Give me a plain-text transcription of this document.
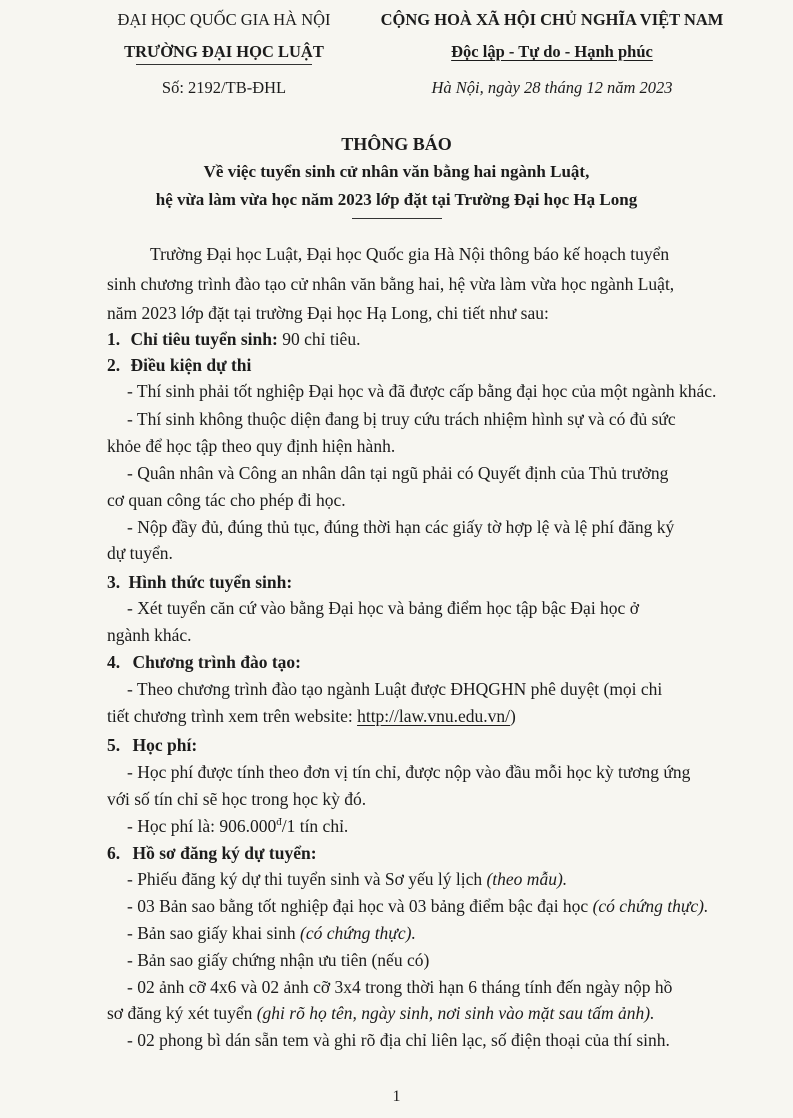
ĐẠI HỌC QUỐC GIA HÀ NỘI
TRƯỜNG ĐẠI HỌC LUẬT
Số: 2192/TB-ĐHL
CỘNG HOÀ XÃ HỘI CHỦ NGHĨA VIỆT NAM
Độc lập - Tự do - Hạnh phúc
Hà Nội, ngày 28 tháng 12 năm 2023
THÔNG BÁO
Về việc tuyển sinh cử nhân văn bằng hai ngành Luật,
hệ vừa làm vừa học năm 2023 lớp đặt tại Trường Đại học Hạ Long
Trường Đại học Luật, Đại học Quốc gia Hà Nội thông báo kế hoạch tuyển
sinh chương trình đào tạo cử nhân văn bằng hai, hệ vừa làm vừa học ngành Luật,
năm 2023 lớp đặt tại trường Đại học Hạ Long, chi tiết như sau:
1. Chỉ tiêu tuyển sinh: 90 chỉ tiêu.
2. Điều kiện dự thi
- Thí sinh phải tốt nghiệp Đại học và đã được cấp bằng đại học của một ngành khác.
- Thí sinh không thuộc diện đang bị truy cứu trách nhiệm hình sự và có đủ sức
khỏe để học tập theo quy định hiện hành.
- Quân nhân và Công an nhân dân tại ngũ phải có Quyết định của Thủ trưởng
cơ quan công tác cho phép đi học.
- Nộp đầy đủ, đúng thủ tục, đúng thời hạn các giấy tờ hợp lệ và lệ phí đăng ký
dự tuyển.
3. Hình thức tuyển sinh:
- Xét tuyển căn cứ vào bằng Đại học và bảng điểm học tập bậc Đại học ở
ngành khác.
4. Chương trình đào tạo:
- Theo chương trình đào tạo ngành Luật được ĐHQGHN phê duyệt (mọi chi
tiết chương trình xem trên website: http://law.vnu.edu.vn/)
5. Học phí:
- Học phí được tính theo đơn vị tín chỉ, được nộp vào đầu mỗi học kỳ tương ứng
với số tín chỉ sẽ học trong học kỳ đó.
- Học phí là: $906.000^đ/1$ tín chỉ.
6. Hồ sơ đăng ký dự tuyển:
- Phiếu đăng ký dự thi tuyển sinh và Sơ yếu lý lịch (theo mẫu).
- 03 Bản sao bằng tốt nghiệp đại học và 03 bảng điểm bậc đại học (có chứng thực).
- Bản sao giấy khai sinh (có chứng thực).
- Bản sao giấy chứng nhận ưu tiên (nếu có)
- 02 ảnh cỡ 4x6 và 02 ảnh cỡ 3x4 trong thời hạn 6 tháng tính đến ngày nộp hồ
sơ đăng ký xét tuyển (ghi rõ họ tên, ngày sinh, nơi sinh vào mặt sau tấm ảnh).
- 02 phong bì dán sẵn tem và ghi rõ địa chỉ liên lạc, số điện thoại của thí sinh.
1
